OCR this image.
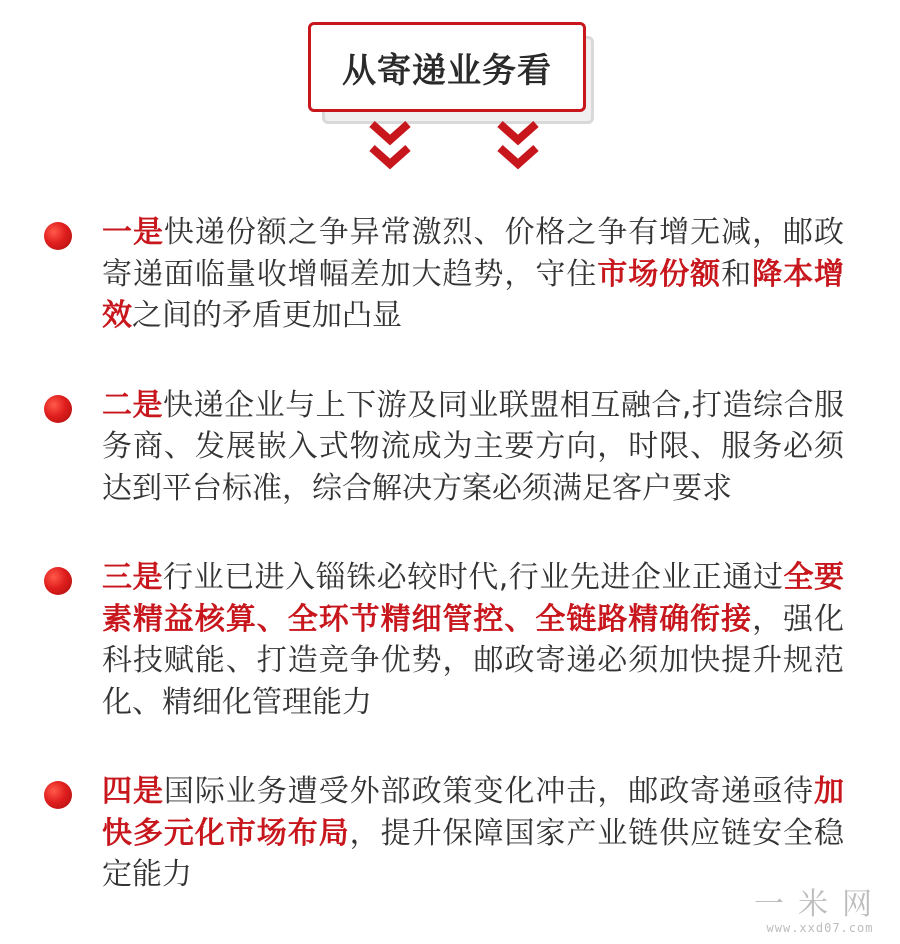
从寄递业务看
一是快递份额之争异常激烈、价格之争有增无减，邮政寄递面临量收增幅差加大趋势，守住市场份额和降本增效之间的矛盾更加凸显
二是快递企业与上下游及同业联盟相互融合,打造综合服务商、发展嵌入式物流成为主要方向，时限、服务必须达到平台标准，综合解决方案必须满足客户要求
三是行业已进入锱铢必较时代,行业先进企业正通过全要素精益核算、全环节精细管控、全链路精确衔接，强化科技赋能、打造竞争优势，邮政寄递必须加快提升规范化、精细化管理能力
四是国际业务遭受外部政策变化冲击，邮政寄递亟待加快多元化市场布局，提升保障国家产业链供应链安全稳定能力
一米网
www.xxd07.com
